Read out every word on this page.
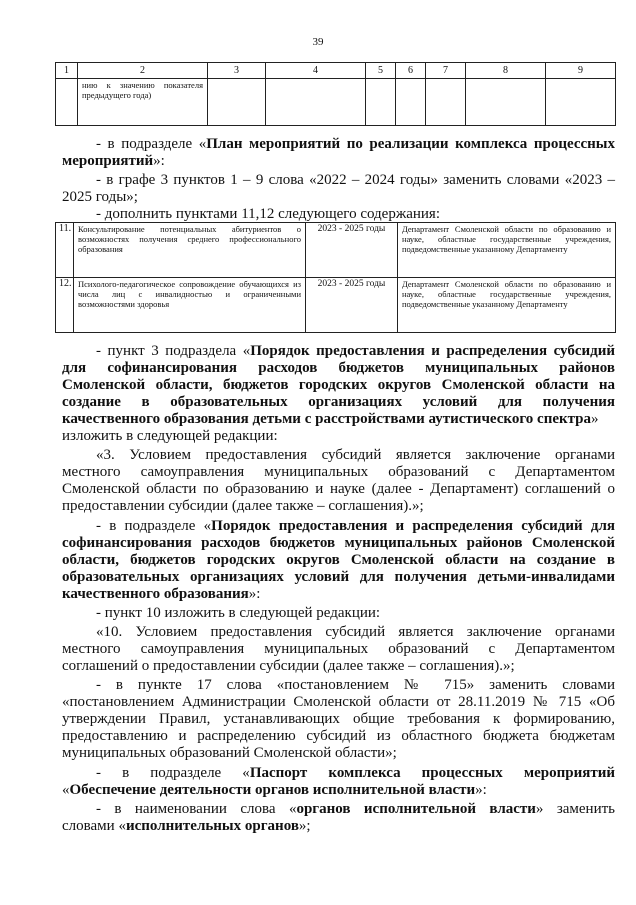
39
1	2	3	4	5	6	7	8	9
	нию к значению показателя предыдущего года)							
- в подразделе «План мероприятий по реализации комплекса процессных
мероприятий»:
- в графе 3 пунктов 1 – 9 слова «2022 – 2024 годы» заменить словами «2023 –
2025 годы»;
- дополнить пунктами 11,12 следующего содержания:
11.	Консультирование потенциальных абитуриентов о возможностях получения среднего профессионального образования	2023 - 2025 годы	Департамент Смоленской области по образованию и науке, областные государственные учреждения, подведомственные указанному Департаменту
12.	Психолого-педагогическое сопровождение обучающихся из числа лиц с инвалидностью и ограниченными возможностями здоровья	2023 - 2025 годы	Департамент Смоленской области по образованию и науке, областные государственные учреждения, подведомственные указанному Департаменту
- пункт 3 подраздела «Порядок предоставления и распределения субсидий
для софинансирования расходов бюджетов муниципальных районов
Смоленской области, бюджетов городских округов Смоленской области на
создание в образовательных организациях условий для получения
качественного образования детьми с расстройствами аутистического спектра»
изложить в следующей редакции:
«3. Условием предоставления субсидий является заключение органами
местного самоуправления муниципальных образований с Департаментом
Смоленской области по образованию и науке (далее - Департамент) соглашений о
предоставлении субсидии (далее также – соглашения).»;
- в подразделе «Порядок предоставления и распределения субсидий для
софинансирования расходов бюджетов муниципальных районов Смоленской
области, бюджетов городских округов Смоленской области на создание в
образовательных организациях условий для получения детьми-инвалидами
качественного образования»:
- пункт 10 изложить в следующей редакции:
«10. Условием предоставления субсидий является заключение органами
местного самоуправления муниципальных образований с Департаментом
соглашений о предоставлении субсидии (далее также – соглашения).»;
- в пункте 17 слова «постановлением № 715» заменить словами
«постановлением Администрации Смоленской области от 28.11.2019 № 715 «Об
утверждении Правил, устанавливающих общие требования к формированию,
предоставлению и распределению субсидий из областного бюджета бюджетам
муниципальных образований Смоленской области»;
- в подразделе «Паспорт комплекса процессных мероприятий
«Обеспечение деятельности органов исполнительной власти»:
- в наименовании слова «органов исполнительной власти» заменить
словами «исполнительных органов»;
